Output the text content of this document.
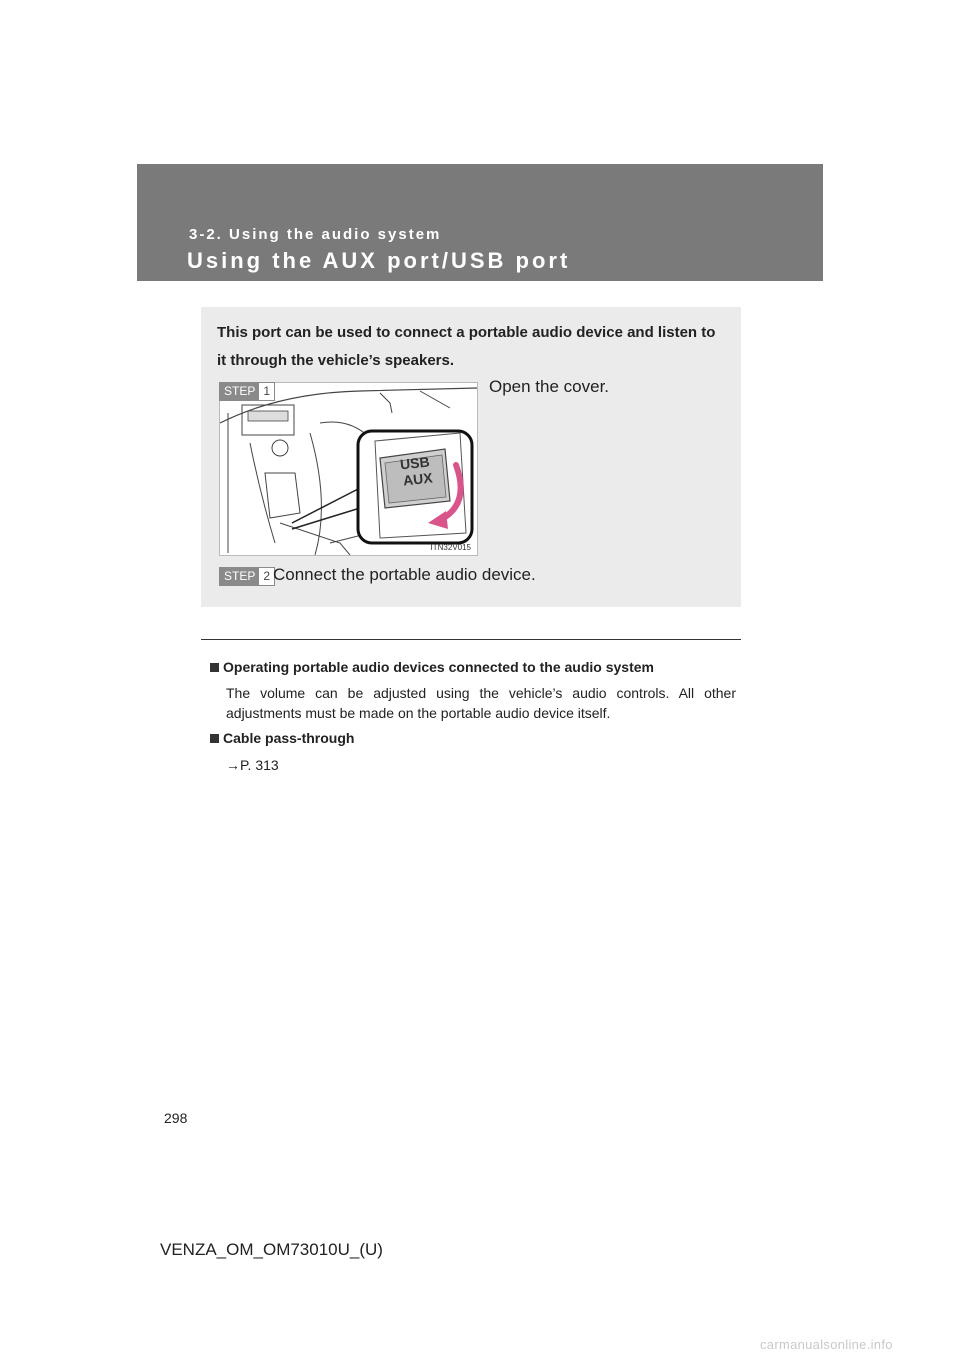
3-2. Using the audio system

Using the AUX port/USB port

This port can be used to connect a portable audio device and listen to it through the vehicle’s speakers.

USB
AUX
ITN32V015
STEP 1	Open the cover.

STEP 2 Connect the portable audio device.

Operating portable audio devices connected to the audio system

The volume can be adjusted using the vehicle’s audio controls. All other adjustments must be made on the portable audio device itself.

Cable pass-through

→P. 313

298

VENZA_OM_OM73010U_(U)

carmanualsonline.info
